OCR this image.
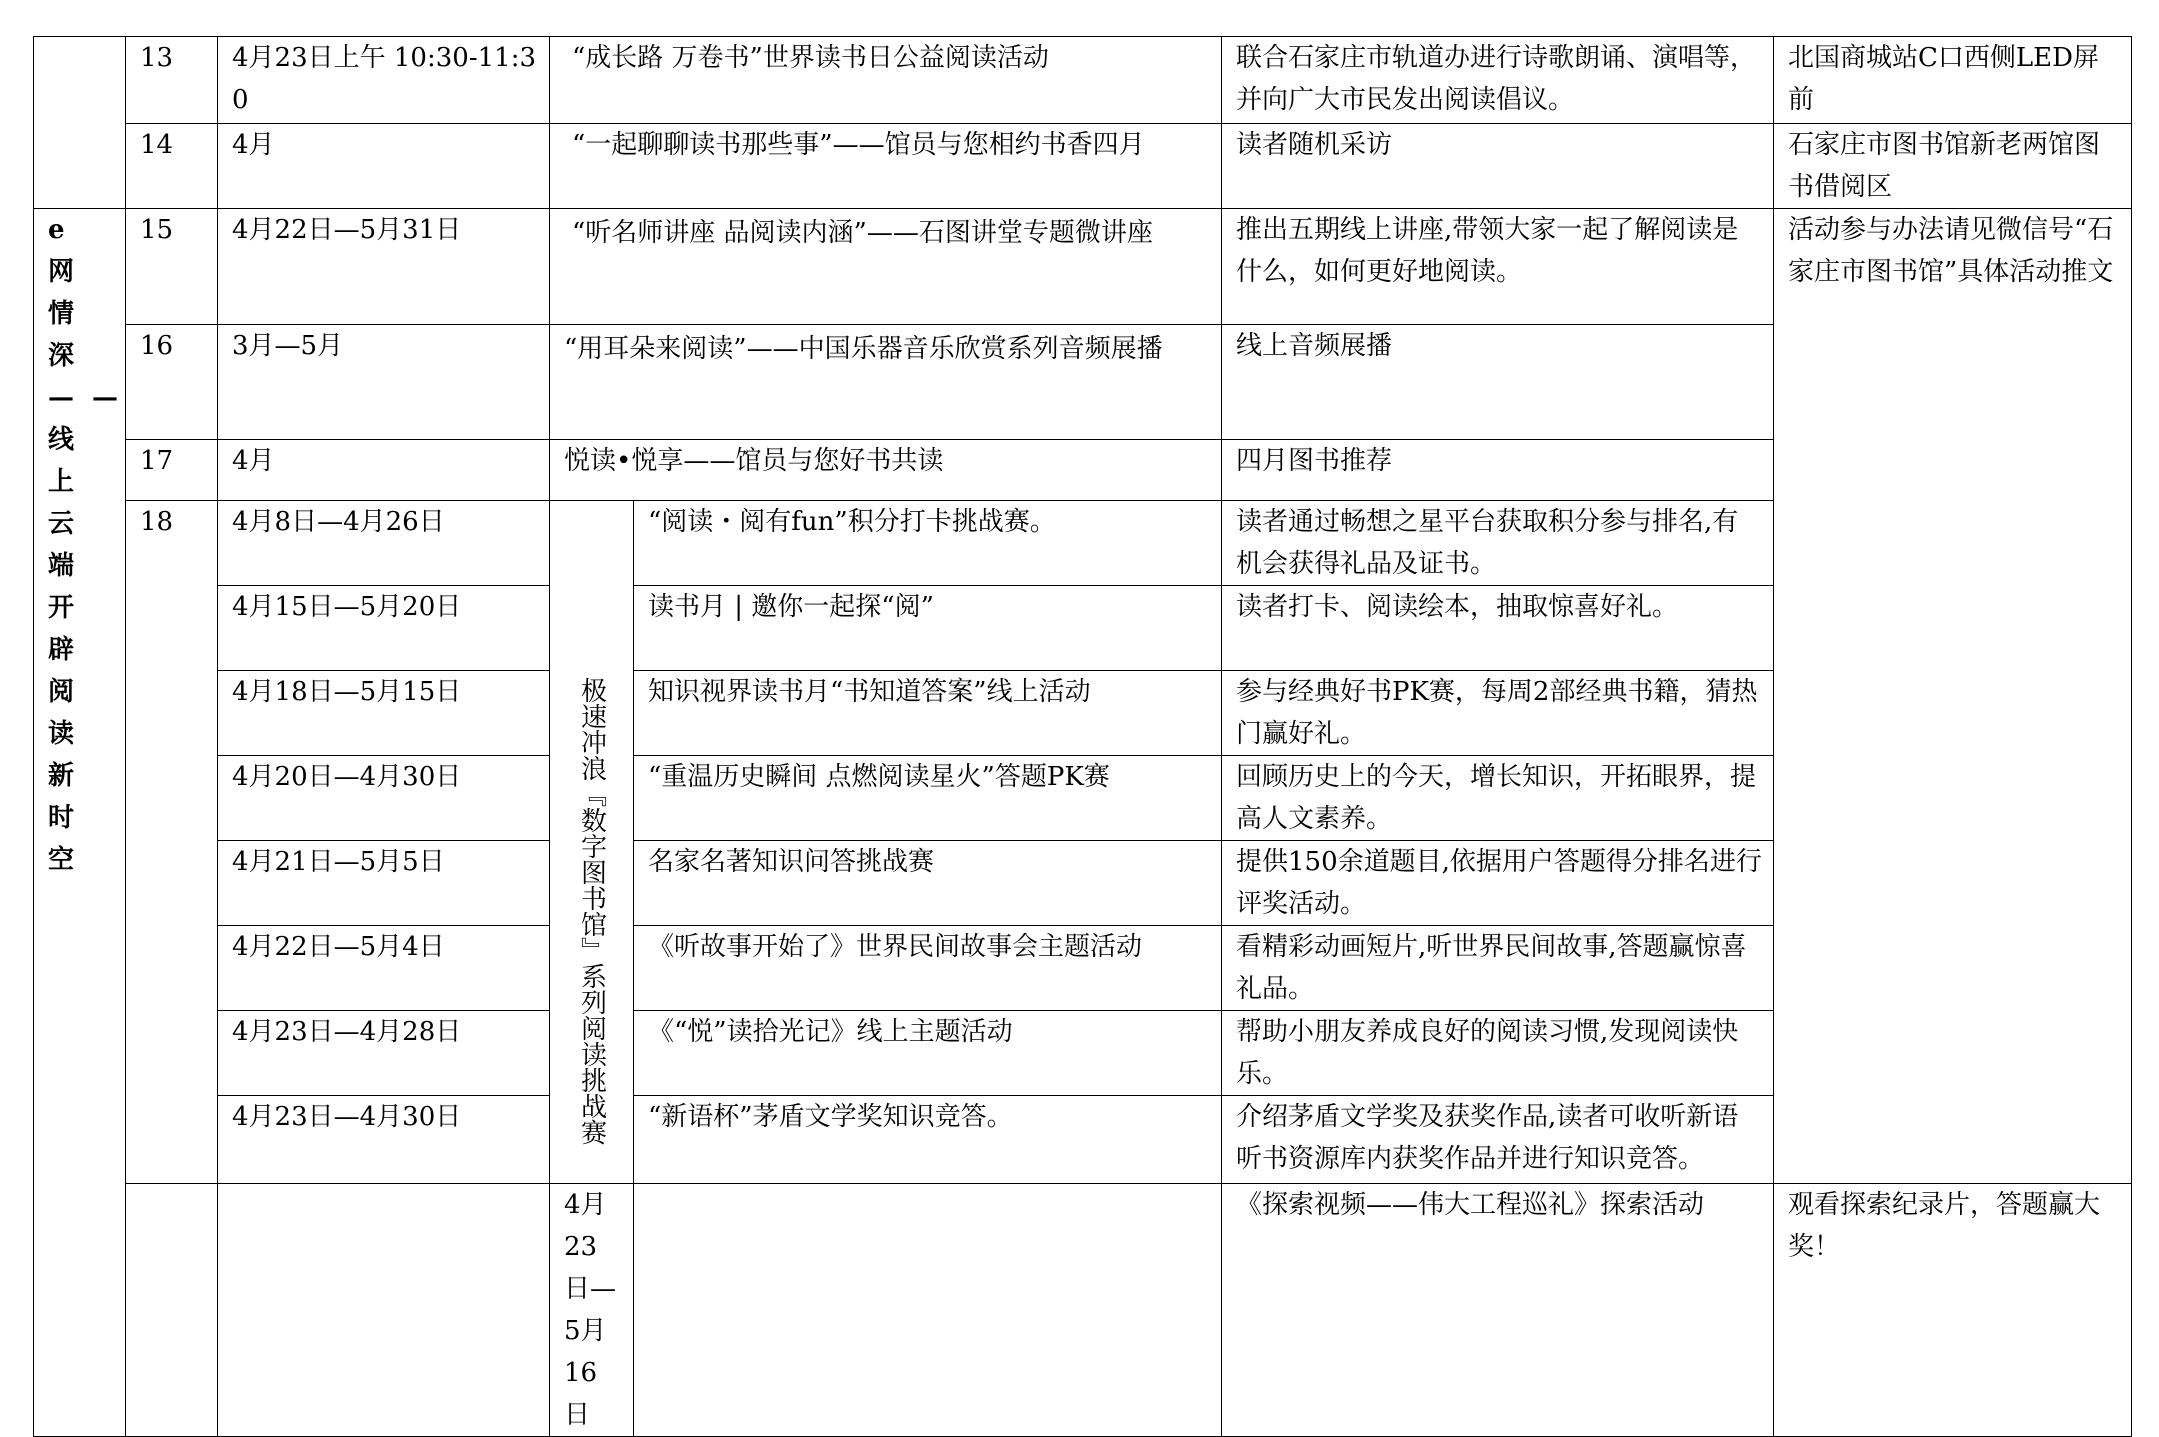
	13	4月23日上午 10:30-11:30	“成长路 万卷书”世界读书日公益阅读活动		联合石家庄市轨道办进行诗歌朗诵、演唱等，并向广大市民发出阅读倡议。	北国商城站C口西侧LED屏前	
	14	4月	“一起聊聊读书那些事”——馆员与您相约书香四月		读者随机采访	石家庄市图书馆新老两馆图书借阅区	
e网情深——线上云端开辟阅读新时空	15	4月22日—5月31日	“听名师讲座 品阅读内涵”——石图讲堂专题微讲座		推出五期线上讲座,带领大家一起了解阅读是什么，如何更好地阅读。	活动参与办法请见微信号“石家庄市图书馆”具体活动推文	
	16	3月—5月	“用耳朵来阅读”——中国乐器音乐欣赏系列音频展播		线上音频展播		
	17	4月	悦读•悦享——馆员与您好书共读		四月图书推荐		
	18	4月8日—4月26日	极速冲浪『数字图书馆』系列阅读挑战赛	“阅读・阅有fun”积分打卡挑战赛。	读者通过畅想之星平台获取积分参与排名,有机会获得礼品及证书。		
		4月15日—5月20日		读书月 | 邀你一起探“阅”	读者打卡、阅读绘本，抽取惊喜好礼。		
		4月18日—5月15日		知识视界读书月“书知道答案”线上活动	参与经典好书PK赛，每周2部经典书籍，猜热门赢好礼。		
		4月20日—4月30日		“重温历史瞬间 点燃阅读星火”答题PK赛	回顾历史上的今天，增长知识，开拓眼界，提高人文素养。		
		4月21日—5月5日		名家名著知识问答挑战赛	提供150余道题目,依据用户答题得分排名进行评奖活动。		
		4月22日—5月4日		《听故事开始了》世界民间故事会主题活动	看精彩动画短片,听世界民间故事,答题赢惊喜礼品。		
		4月23日—4月28日		《“悦”读拾光记》线上主题活动	帮助小朋友养成良好的阅读习惯,发现阅读快乐。		
		4月23日—4月30日		“新语杯”茅盾文学奖知识竞答。	介绍茅盾文学奖及获奖作品,读者可收听新语听书资源库内获奖作品并进行知识竞答。		
			4月 23日—5月16日		《探索视频——伟大工程巡礼》探索活动	观看探索纪录片，答题赢大奖！	
